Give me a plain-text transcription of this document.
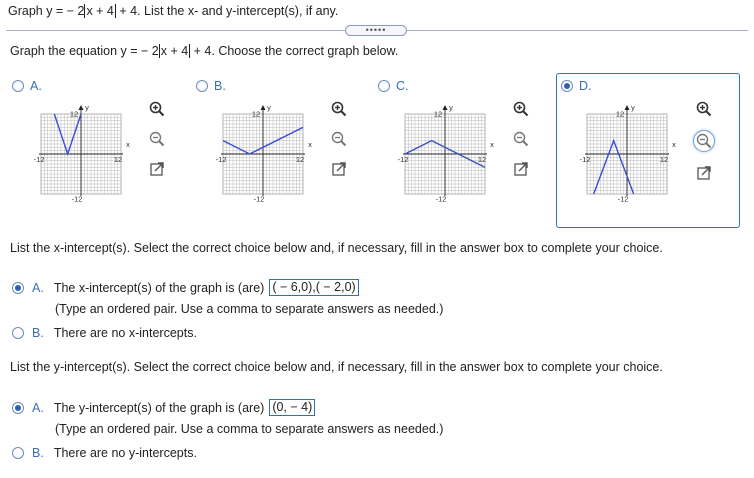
Graph y = − 2 x + 4 + 4. List the x- and y-intercept(s), if any.
•••••
Graph the equation y = − 2 x + 4 + 4. Choose the correct graph below.
A.	B.	C.	D.
y
x
12
-12
-12	12
y
x
12
-12
-12	12
y
x
12
-12
-12	12
y
x
12
-12
-12	12
List the x-intercept(s). Select the correct choice below and, if necessary, fill in the answer box to complete your choice.
A. The x-intercept(s) of the graph is (are) ( − 6,0),( − 2,0)
(Type an ordered pair. Use a comma to separate answers as needed.)
B. There are no x-intercepts.
List the y-intercept(s). Select the correct choice below and, if necessary, fill in the answer box to complete your choice.
A. The y-intercept(s) of the graph is (are) (0, − 4)
(Type an ordered pair. Use a comma to separate answers as needed.)
B. There are no y-intercepts.
